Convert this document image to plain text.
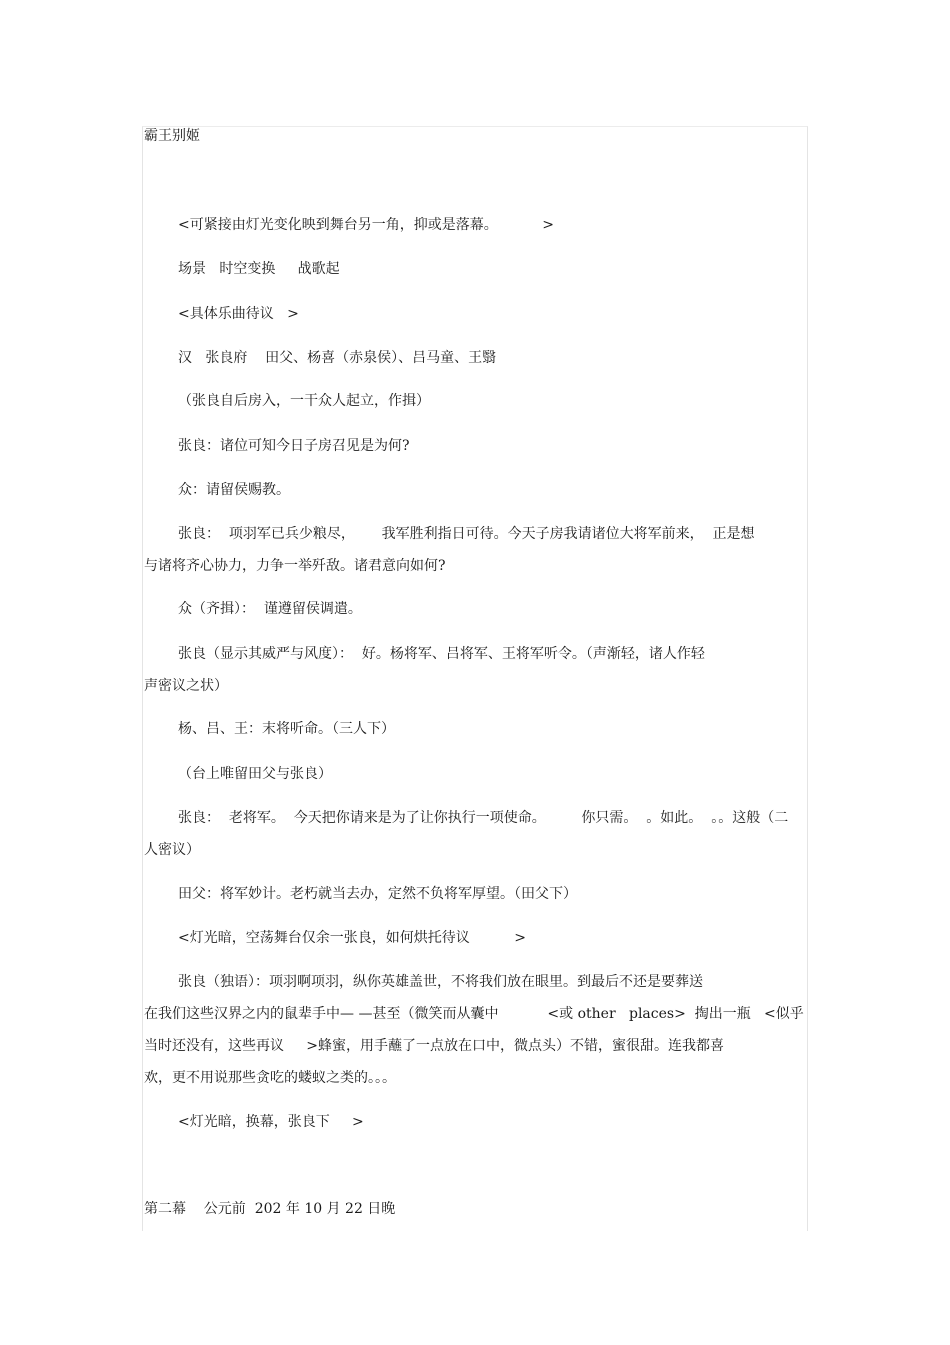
霸王别姬
<可紧接由灯光变化映到舞台另一角，抑或是落幕。          >
场景   时空变换     战歌起
<具体乐曲待议   >
汉   张良府    田父、杨喜（赤泉侯）、吕马童、王翳
（张良自后房入，一干众人起立，作揖）
张良：诸位可知今日子房召见是为何?
众：请留侯赐教。
张良：  项羽军已兵少粮尽，      我军胜利指日可待。今天子房我请诸位大将军前来，  正是想
与诸将齐心协力，力争一举歼敌。诸君意向如何?
众（齐揖）：  谨遵留侯调遣。
张良（显示其威严与风度）：  好。杨将军、吕将军、王将军听令。（声渐轻，诸人作轻
声密议之状）
杨、吕、王：末将听命。（三人下）
（台上唯留田父与张良）
张良：  老将军。  今天把你请来是为了让你执行一项使命。        你只需。  。如此。  。。这般（二
人密议）
田父：将军妙计。老朽就当去办，定然不负将军厚望。（田父下）
<灯光暗，空荡舞台仅余一张良，如何烘托待议          >
张良（独语）：项羽啊项羽，纵你英雄盖世，不将我们放在眼里。到最后不还是要葬送
在我们这些汉界之内的鼠辈手中— —甚至（微笑而从囊中           <或 other   places>  掏出一瓶   <似乎
当时还没有，这些再议     >蜂蜜，用手蘸了一点放在口中，微点头）不错，蜜很甜。连我都喜
欢，更不用说那些贪吃的蝼蚁之类的。。。
<灯光暗，换幕，张良下     >
第二幕    公元前  202 年 10 月 22 日晚
